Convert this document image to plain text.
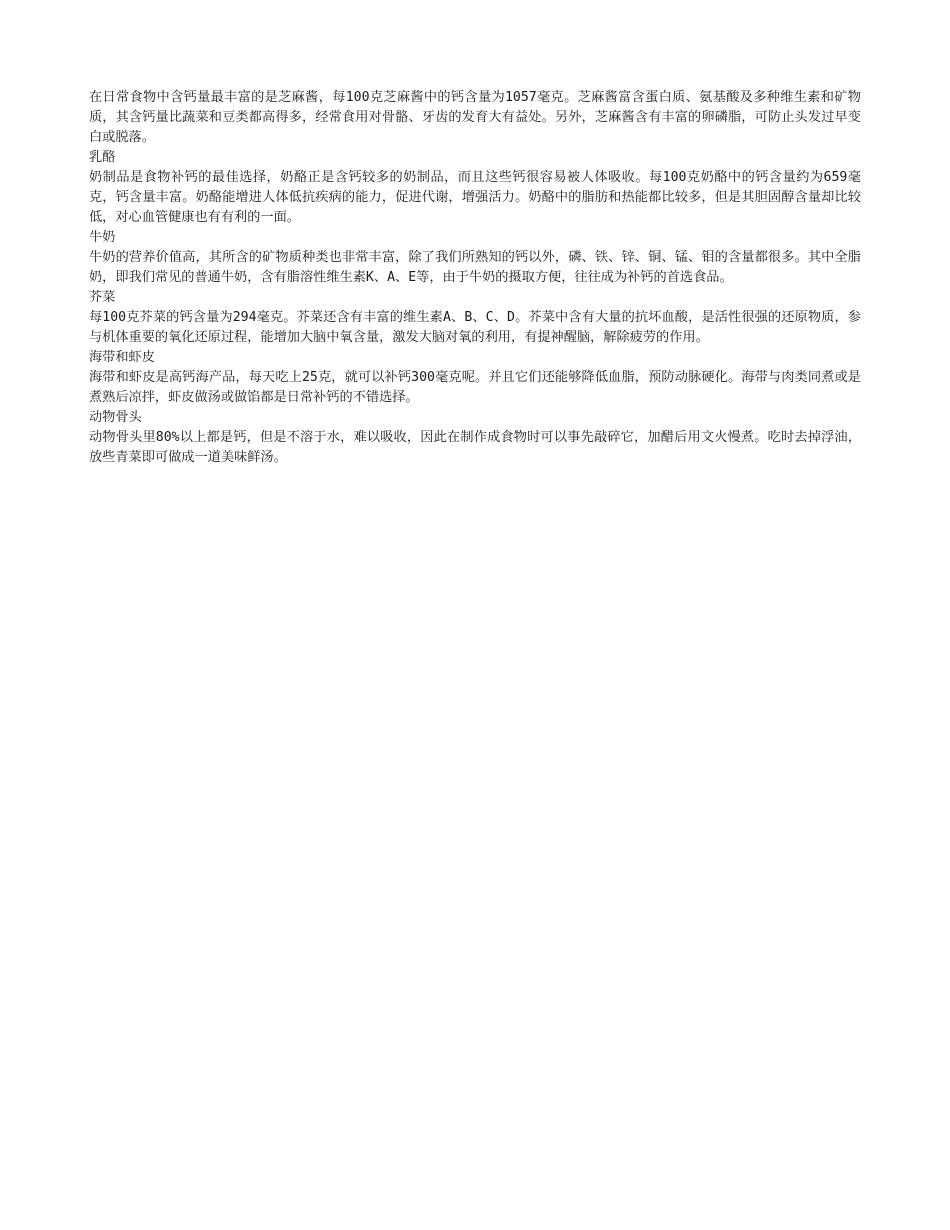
在日常食物中含钙量最丰富的是芝麻酱，每100克芝麻酱中的钙含量为1057毫克。芝麻酱富含蛋白质、氨基酸及多种维生素和矿物质，其含钙量比蔬菜和豆类都高得多，经常食用对骨骼、牙齿的发育大有益处。另外，芝麻酱含有丰富的卵磷脂，可防止头发过早变白或脱落。

乳酪

奶制品是食物补钙的最佳选择，奶酪正是含钙较多的奶制品，而且这些钙很容易被人体吸收。每100克奶酪中的钙含量约为659毫克，钙含量丰富。奶酪能增进人体低抗疾病的能力，促进代谢，增强活力。奶酪中的脂肪和热能都比较多，但是其胆固醇含量却比较低，对心血管健康也有有利的一面。

牛奶

牛奶的营养价值高，其所含的矿物质种类也非常丰富，除了我们所熟知的钙以外，磷、铁、锌、铜、锰、钼的含量都很多。其中全脂奶，即我们常见的普通牛奶，含有脂溶性维生素K、A、E等，由于牛奶的摄取方便，往往成为补钙的首选食品。

芥菜

每100克芥菜的钙含量为294毫克。芥菜还含有丰富的维生素A、B、C、D。芥菜中含有大量的抗坏血酸，是活性很强的还原物质，参与机体重要的氧化还原过程，能增加大脑中氧含量，激发大脑对氧的利用，有提神醒脑，解除疲劳的作用。

海带和虾皮

海带和虾皮是高钙海产品，每天吃上25克，就可以补钙300毫克呢。并且它们还能够降低血脂，预防动脉硬化。海带与肉类同煮或是煮熟后凉拌，虾皮做汤或做馅都是日常补钙的不错选择。

动物骨头

动物骨头里80%以上都是钙，但是不溶于水，难以吸收，因此在制作成食物时可以事先敲碎它，加醋后用文火慢煮。吃时去掉浮油，放些青菜即可做成一道美味鲜汤。
